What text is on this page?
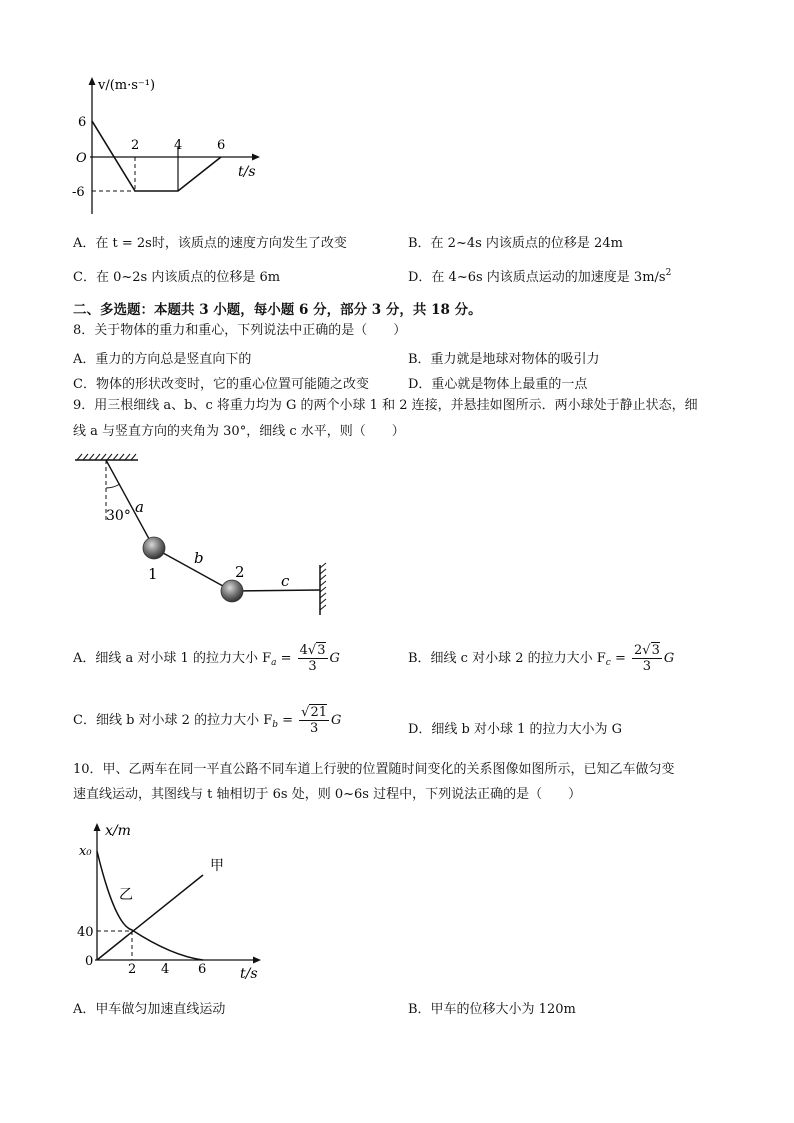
v/(m·s⁻¹)
6
-6
O
2	4	6
t/s
A．在 t = 2s时，该质点的速度方向发生了改变	B．在 2~4s 内该质点的位移是 24m
C．在 0~2s 内该质点的位移是 6m	D．在 4~6s 内该质点运动的加速度是 $3m/s^2$
二、多选题：本题共 3 小题，每小题 6 分，部分 3 分，共 18 分。
8．关于物体的重力和重心，下列说法中正确的是（　　）
A．重力的方向总是竖直向下的	B．重力就是地球对物体的吸引力
C．物体的形状改变时，它的重心位置可能随之改变	D．重心就是物体上最重的一点
9．用三根细线 a、b、c 将重力均为 G 的两个小球 1 和 2 连接，并悬挂如图所示．两小球处于静止状态，细
线 a 与竖直方向的夹角为 30°，细线 c 水平，则（　　）
30° a
b
c
1	2
A．细线 a 对小球 1 的拉力大小 $F_a = \frac{4√3}{3}$ G	B．细线 c 对小球 2 的拉力大小 $F_c = \frac{2√3}{3}$ G
C．细线 b 对小球 2 的拉力大小 $F_b = \frac{√21}{3}$ G
D．细线 b 对小球 1 的拉力大小为 G
10．甲、乙两车在同一平直公路不同车道上行驶的位置随时间变化的关系图像如图所示，已知乙车做匀变
速直线运动，其图线与 t 轴相切于 6s 处，则 0~6s 过程中，下列说法正确的是（　　）
x/m
x₀
40
0
2 4 6 t/s
甲
乙
A．甲车做匀加速直线运动	B．甲车的位移大小为 120m
